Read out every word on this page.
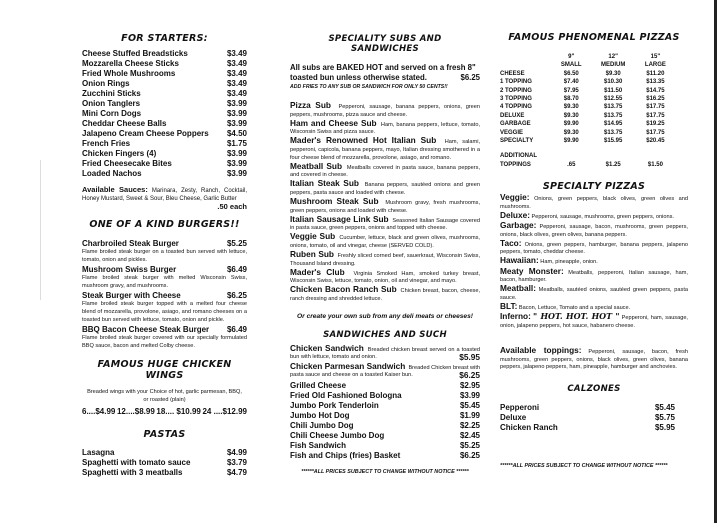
FOR STARTERS:
Cheese Stuffed Breadsticks	$3.49
Mozzarella Cheese Sticks	$3.49
Fried Whole Mushrooms	$3.49
Onion Rings	$3.49
Zucchini Sticks	$3.49
Onion Tanglers	$3.99
Mini Corn Dogs	$3.99
Cheddar Cheese Balls	$3.99
Jalapeno Cream Cheese Poppers $4.50
French Fries	$1.75
Chicken Fingers (4)	$3.99
Fried Cheesecake Bites	$3.99
Loaded Nachos	$3.99
Available Sauces: Marinara, Zesty, Ranch, Cocktail, Honey Mustard, Sweet & Sour, Bleu Cheese, Garlic Butter
.50 each
ONE OF A KIND BURGERS!!
Charbroiled Steak Burger	$5.25
Flame broiled steak burger on a toasted bun served with lettuce, tomato, onion and pickles.
Mushroom Swiss Burger	$6.49
Flame broiled steak burger with melted Wisconsin Swiss, mushroom gravy, and mushrooms.
Steak Burger with Cheese	$6.25
Flame broiled steak burger topped with a melted four cheese blend of mozzarella, provolone, asiago, and romano cheeses on a toasted bun served with lettuce, tomato, onion and pickle.
BBQ Bacon Cheese Steak Burger $6.49
Flame broiled steak burger covered with our specially formulated BBQ sauce, bacon and melted Colby cheese.
FAMOUS HUGE CHICKEN WINGS
Breaded wings with your Choice of hot, garlic parmesan, BBQ, or roasted (plain)
6....$4.99 12....$8.99 18.... $10.99 24 ....$12.99
PASTAS
Lasagna	$4.99
Spaghetti with tomato sauce	$3.79
Spaghetti with 3 meatballs	$4.79
SPECIALITY SUBS AND SANDWICHES
All subs are BAKED HOT and served on a fresh 8" toasted bun unless otherwise stated.	$6.25
ADD FRIES TO ANY SUB OR SANDWICH FOR ONLY 50 CENTS!!
Pizza Sub Pepperoni, sausage, banana peppers, onions, green peppers, mushrooms, pizza sauce and cheese.
Ham and Cheese Sub Ham, banana peppers, lettuce, tomato, Wisconsin Swiss and pizza sauce.
Mader's Renowned Hot Italian Sub Ham, salami, pepperoni, capicola, banana peppers, mayo, Italian dressing smothered in a four cheese blend of mozzarella, provolone, asiago, and romano.
Meatball Sub Meatballs covered in pasta sauce, banana peppers, and covered in cheese.
Italian Steak Sub Banana peppers, sautéed onions and green peppers, pasta sauce and loaded with cheese.
Mushroom Steak Sub Mushroom gravy, fresh mushrooms, green peppers, onions and loaded with cheese.
Italian Sausage Link Sub Seasoned Italian Sausage covered in pasta sauce, green peppers, onions and topped with cheese.
Veggie Sub Cucumber, lettuce, black and green olives, mushrooms, onions, tomato, oil and vinegar, cheese (SERVED COLD).
Ruben Sub Freshly sliced corned beef, sauerkraut, Wisconsin Swiss, Thousand Island dressing.
Mader's Club Virginia Smoked Ham, smoked turkey breast, Wisconsin Swiss, lettuce, tomato, onion, oil and vinegar, and mayo.
Chicken Bacon Ranch Sub Chicken breast, bacon, cheese, ranch dressing and shredded lettuce.
Or create your own sub from any deli meats or cheeses!
SANDWICHES AND SUCH
Chicken Sandwich Breaded chicken breast served on a toasted bun with lettuce, tomato and onion.	$5.95
Chicken Parmesan Sandwich Breaded Chicken breast with pasta sauce and cheese on a toasted Kaiser bun.	$6.25
Grilled Cheese	$2.95
Fried Old Fashioned Bologna	$3.99
Jumbo Pork Tenderloin	$5.45
Jumbo Hot Dog	$1.99
Chili Jumbo Dog	$2.25
Chili Cheese Jumbo Dog	$2.45
Fish Sandwich	$5.25
Fish and Chips (fries) Basket	$6.25
******ALL PRICES SUBJECT TO CHANGE WITHOUT NOTICE ******
FAMOUS PHENOMENAL PIZZAS
	9"	12"	15"
	SMALL	MEDIUM	LARGE
CHEESE	$6.50	$9.30	$11.20
1 TOPPING	$7.40	$10.30	$13.35
2 TOPPING	$7.95	$11.50	$14.75
3 TOPPING	$8.70	$12.55	$16.25
4 TOPPING	$9.30	$13.75	$17.75
DELUXE	$9.30	$13.75	$17.75
GARBAGE	$9.90	$14.95	$19.25
VEGGIE	$9.30	$13.75	$17.75
SPECIALTY	$9.90	$15.95	$20.45

ADDITIONAL			
TOPPINGS	.65	$1.25	$1.50
SPECIALTY PIZZAS
Veggie: Onions, green peppers, black olives, green olives and mushrooms.
Deluxe: Pepperoni, sausage, mushrooms, green peppers, onions.
Garbage: Pepperoni, sausage, bacon, mushrooms, green peppers, onions, black olives, green olives, banana peppers.
Taco: Onions, green peppers, hamburger, banana peppers, jalapeno peppers, tomato, cheddar cheese.
Hawaiian: Ham, pineapple, onion.
Meaty Monster: Meatballs, pepperoni, Italian sausage, ham, bacon, hamburger.
Meatball: Meatballs, sautéed onions, sautéed green peppers, pasta sauce.
BLT: Bacon, Lettuce, Tomato and a special sauce.
Inferno: " HOT. HOT. HOT " Pepperoni, ham, sausage, onion, jalapeno peppers, hot sauce, habanero cheese.
Available toppings: Pepperoni, sausage, bacon, fresh mushrooms, green peppers, onions, black olives, green olives, banana peppers, jalapeno peppers, ham, pineapple, hamburger and anchovies.
CALZONES
Pepperoni	$5.45
Deluxe	$5.75
Chicken Ranch	$5.95
******ALL PRICES SUBJECT TO CHANGE WITHOUT NOTICE ******
